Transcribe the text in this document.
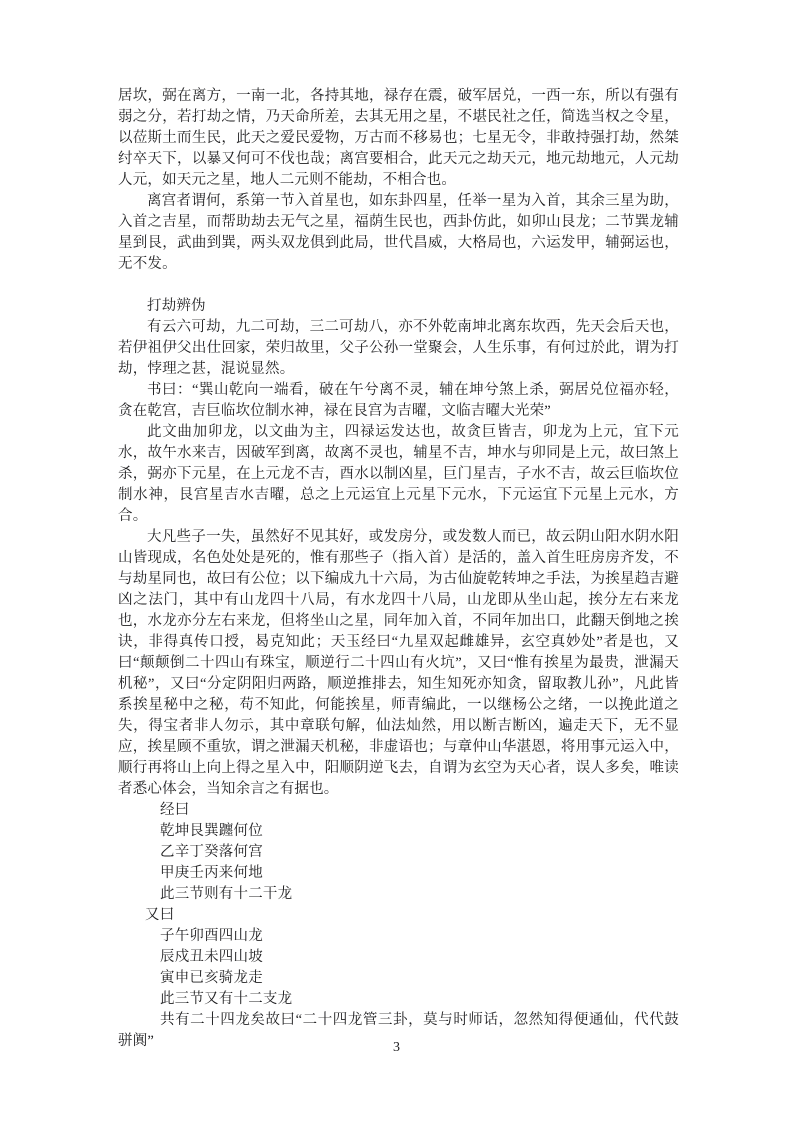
居坎，弼在离方，一南一北，各持其地，禄存在震，破军居兑，一西一东，所以有强有弱之分，若打劫之情，乃天命所差，去其无用之星，不堪民社之任，简选当权之令星，以莅斯土而生民，此天之爱民爱物，万古而不移易也；七星无令，非敢持强打劫，然桀纣卒天下，以暴又何可不伐也哉；离宫要相合，此天元之劫天元，地元劫地元，人元劫人元，如天元之星，地人二元则不能劫，不相合也。

离宫者谓何，系第一节入首星也，如东卦四星，任举一星为入首，其余三星为助，入首之吉星，而帮助劫去无气之星，福荫生民也，西卦仿此，如卯山艮龙；二节巽龙辅星到艮，武曲到巽，两头双龙俱到此局，世代昌威，大格局也，六运发甲，辅弼运也，无不发。

打劫辨伪

有云六可劫，九二可劫，三二可劫八，亦不外乾南坤北离东坎西，先天会后天也，若伊祖伊父出仕回家，荣归故里，父子公孙一堂聚会，人生乐事，有何过於此，谓为打劫，悖理之甚，混说显然。

书曰：“巽山乾向一端看，破在午兮离不灵，辅在坤兮煞上杀，弼居兑位福亦轻，贪在乾宫，吉巨临坎位制水神，禄在艮宫为吉曜，文临吉曜大光荣”

此文曲加卯龙，以文曲为主，四禄运发达也，故贪巨皆吉，卯龙为上元，宜下元水，故午水来吉，因破军到离，故离不灵也，辅星不吉，坤水与卯同是上元，故曰煞上杀，弼亦下元星，在上元龙不吉，酉水以制凶星，巨门星吉，子水不吉，故云巨临坎位制水神，艮宫星吉水吉曜，总之上元运宜上元星下元水，下元运宜下元星上元水，方合。

大凡些子一失，虽然好不见其好，或发房分，或发数人而已，故云阴山阳水阴水阳山皆现成，名色处处是死的，惟有那些子（指入首）是活的，盖入首生旺房房齐发，不与劫星同也，故曰有公位；以下编成九十六局，为古仙旋乾转坤之手法，为挨星趋吉避凶之法门，其中有山龙四十八局，有水龙四十八局，山龙即从坐山起，挨分左右来龙也，水龙亦分左右来龙，但将坐山之星，同年加入首，不同年加出口，此翻天倒地之挨诀，非得真传口授，曷克知此；天玉经曰“九星双起雌雄异，玄空真妙处”者是也，又曰“颠颠倒二十四山有珠宝，顺逆行二十四山有火坑”，又曰“惟有挨星为最贵，泄漏天机秘”，又曰“分定阴阳归两路，顺逆推排去，知生知死亦知贪，留取教儿孙”，凡此皆系挨星秘中之秘，苟不知此，何能挨星，师青编此，一以继杨公之绪，一以挽此道之失，得宝者非人勿示，其中章联句解，仙法灿然，用以断吉断凶，遍走天下，无不显应，挨星顾不重欤，谓之泄漏天机秘，非虚语也；与章仲山华湛恩，将用事元运入中，顺行再将山上向上得之星入中，阳顺阴逆飞去，自谓为玄空为天心者，误人多矣，唯读者悉心体会，当知余言之有据也。

经曰

乾坤艮巽躔何位

乙辛丁癸落何宫

甲庚壬丙来何地

此三节则有十二干龙

又曰

子午卯酉四山龙

辰戍丑未四山坡

寅申已亥骑龙走

此三节又有十二支龙

共有二十四龙矣故曰“二十四龙管三卦，莫与时师话，忽然知得便通仙，代代鼓骈阗”	3
